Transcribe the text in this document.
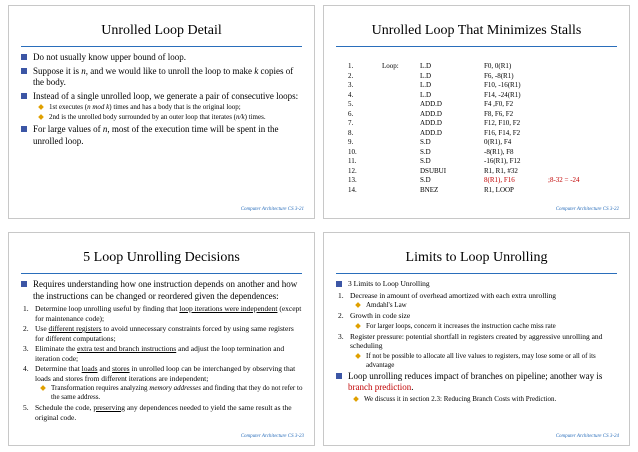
Unrolled Loop Detail
Do not usually know upper bound of loop.
Suppose it is n, and we would like to unroll the loop to make k copies of the body.
Instead of a single unrolled loop, we generate a pair of consecutive loops:
1st executes (n mod k) times and has a body that is the original loop;
2nd is the unrolled body surrounded by an outer loop that iterates (n/k) times.
For large values of n, most of the execution time will be spent in the unrolled loop.
Computer Architecture CS 3-21
Unrolled Loop That Minimizes Stalls
1.	Loop:	L.D	F0, 0(R1)	
2.		L.D	F6, -8(R1)	
3.		L.D	F10, -16(R1)	
4.		L.D	F14, -24(R1)	
5.		ADD.D	F4 ,F0, F2	
6.		ADD.D	F8, F6, F2	
7.		ADD.D	F12, F10, F2	
8.		ADD.D	F16, F14, F2	
9.		S.D	0(R1), F4	
10.		S.D	-8(R1), F8	
11.		S.D	-16(R1), F12	
12.		DSUBUI	R1, R1, #32	
13.		S.D	8(R1), F16	;8-32 = -24
14.		BNEZ	R1, LOOP	
Computer Architecture CS 3-22
5 Loop Unrolling Decisions
Requires understanding how one instruction depends on another and how the instructions can be changed or reordered given the dependences:
1. Determine loop unrolling useful by finding that loop iterations were independent (except for maintenance code);
2. Use different registers to avoid unnecessary constraints forced by using same registers for different computations;
3. Eliminate the extra test and branch instructions and adjust the loop termination and iteration code;
4. Determine that loads and stores in unrolled loop can be interchanged by observing that loads and stores from different iterations are independent;
Transformation requires analyzing memory addresses and finding that they do not refer to the same address.
5. Schedule the code, preserving any dependences needed to yield the same result as the original code.
Computer Architecture CS 3-23
Limits to Loop Unrolling
3 Limits to Loop Unrolling
1. Decrease in amount of overhead amortized with each extra unrolling
Amdahl's Law
2. Growth in code size
For larger loops, concern it increases the instruction cache miss rate
3. Register pressure: potential shortfall in registers created by aggressive unrolling and scheduling
If not be possible to allocate all live values to registers, may lose some or all of its advantage
Loop unrolling reduces impact of branches on pipeline; another way is branch prediction.
We discuss it in section 2.3: Reducing Branch Costs with Prediction.
Computer Architecture CS 3-24
